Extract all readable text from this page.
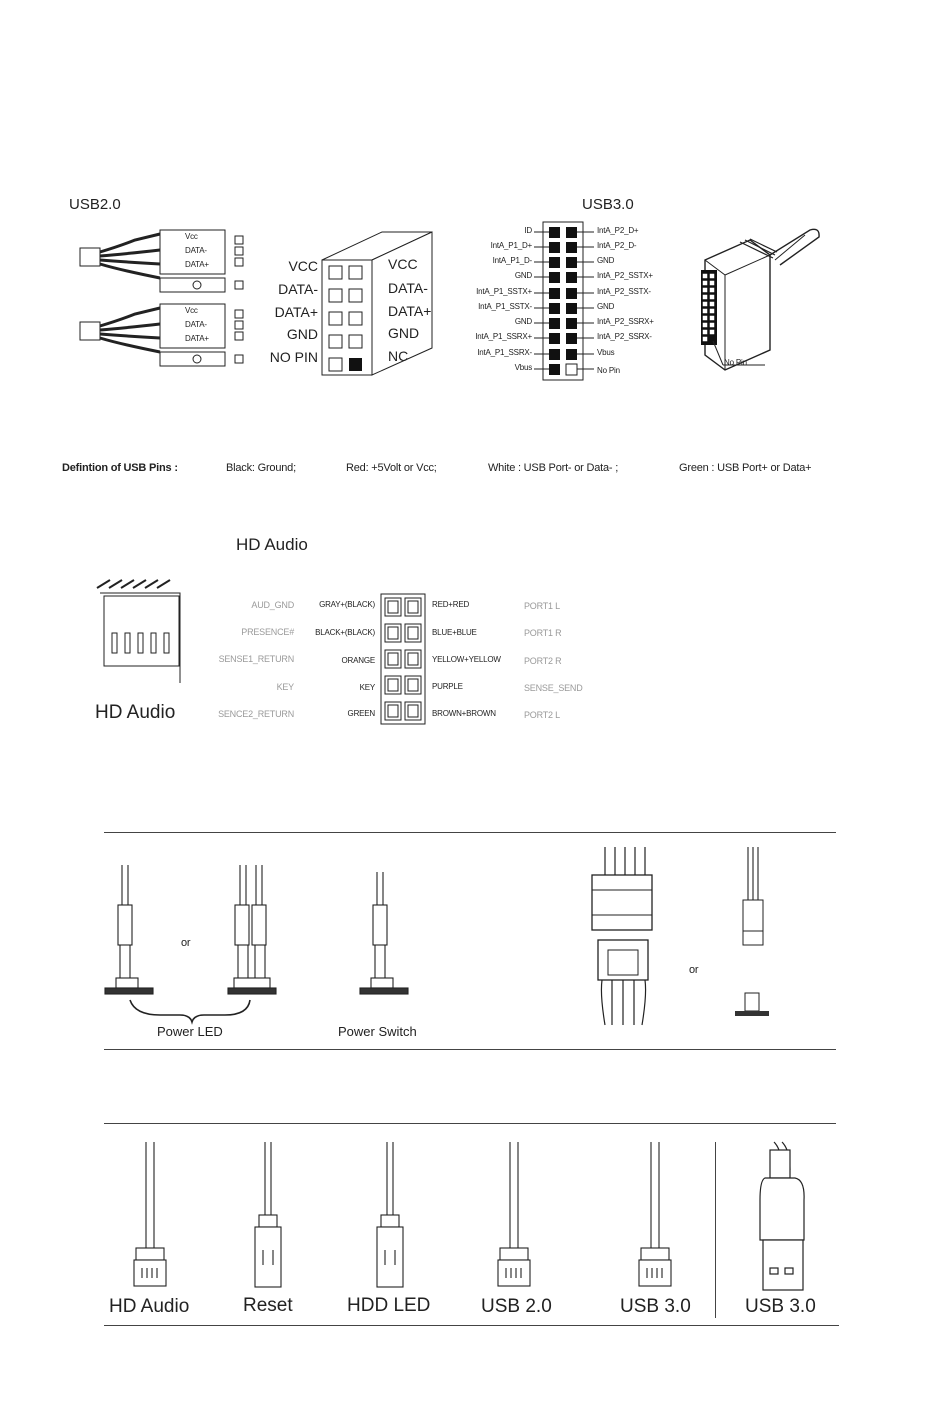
USB2.0
Vcc
DATA-
DATA+
Vcc
DATA-
DATA+
VCC
DATA-
DATA+
GND
NO PIN
VCC
DATA-
DATA+
GND
NC
USB3.0
ID
IntA_P1_D+
IntA_P1_D-
GND
IntA_P1_SSTX+
IntA_P1_SSTX-
GND
IntA_P1_SSRX+
IntA_P1_SSRX-
Vbus
IntA_P2_D+
IntA_P2_D-
GND
IntA_P2_SSTX+
IntA_P2_SSTX-
GND
IntA_P2_SSRX+
IntA_P2_SSRX-
Vbus
No Pin
No Pin
Defintion of USB Pins :	Black: Ground;	Red: +5Volt or Vcc;	White : USB Port- or Data- ;	Green : USB Port+ or Data+
HD Audio
HD Audio
AUD_GND	GRAY+(BLACK)	RED+RED	PORT1 L
PRESENCE#	BLACK+(BLACK)	BLUE+BLUE	PORT1 R
SENSE1_RETURN	ORANGE	YELLOW+YELLOW	PORT2 R
KEY	KEY	PURPLE	SENSE_SEND
SENCE2_RETURN	GREEN	BROWN+BROWN	PORT2 L
or
Power LED	Power Switch
or
HD Audio	Reset	HDD LED	USB 2.0	USB 3.0	USB 3.0
